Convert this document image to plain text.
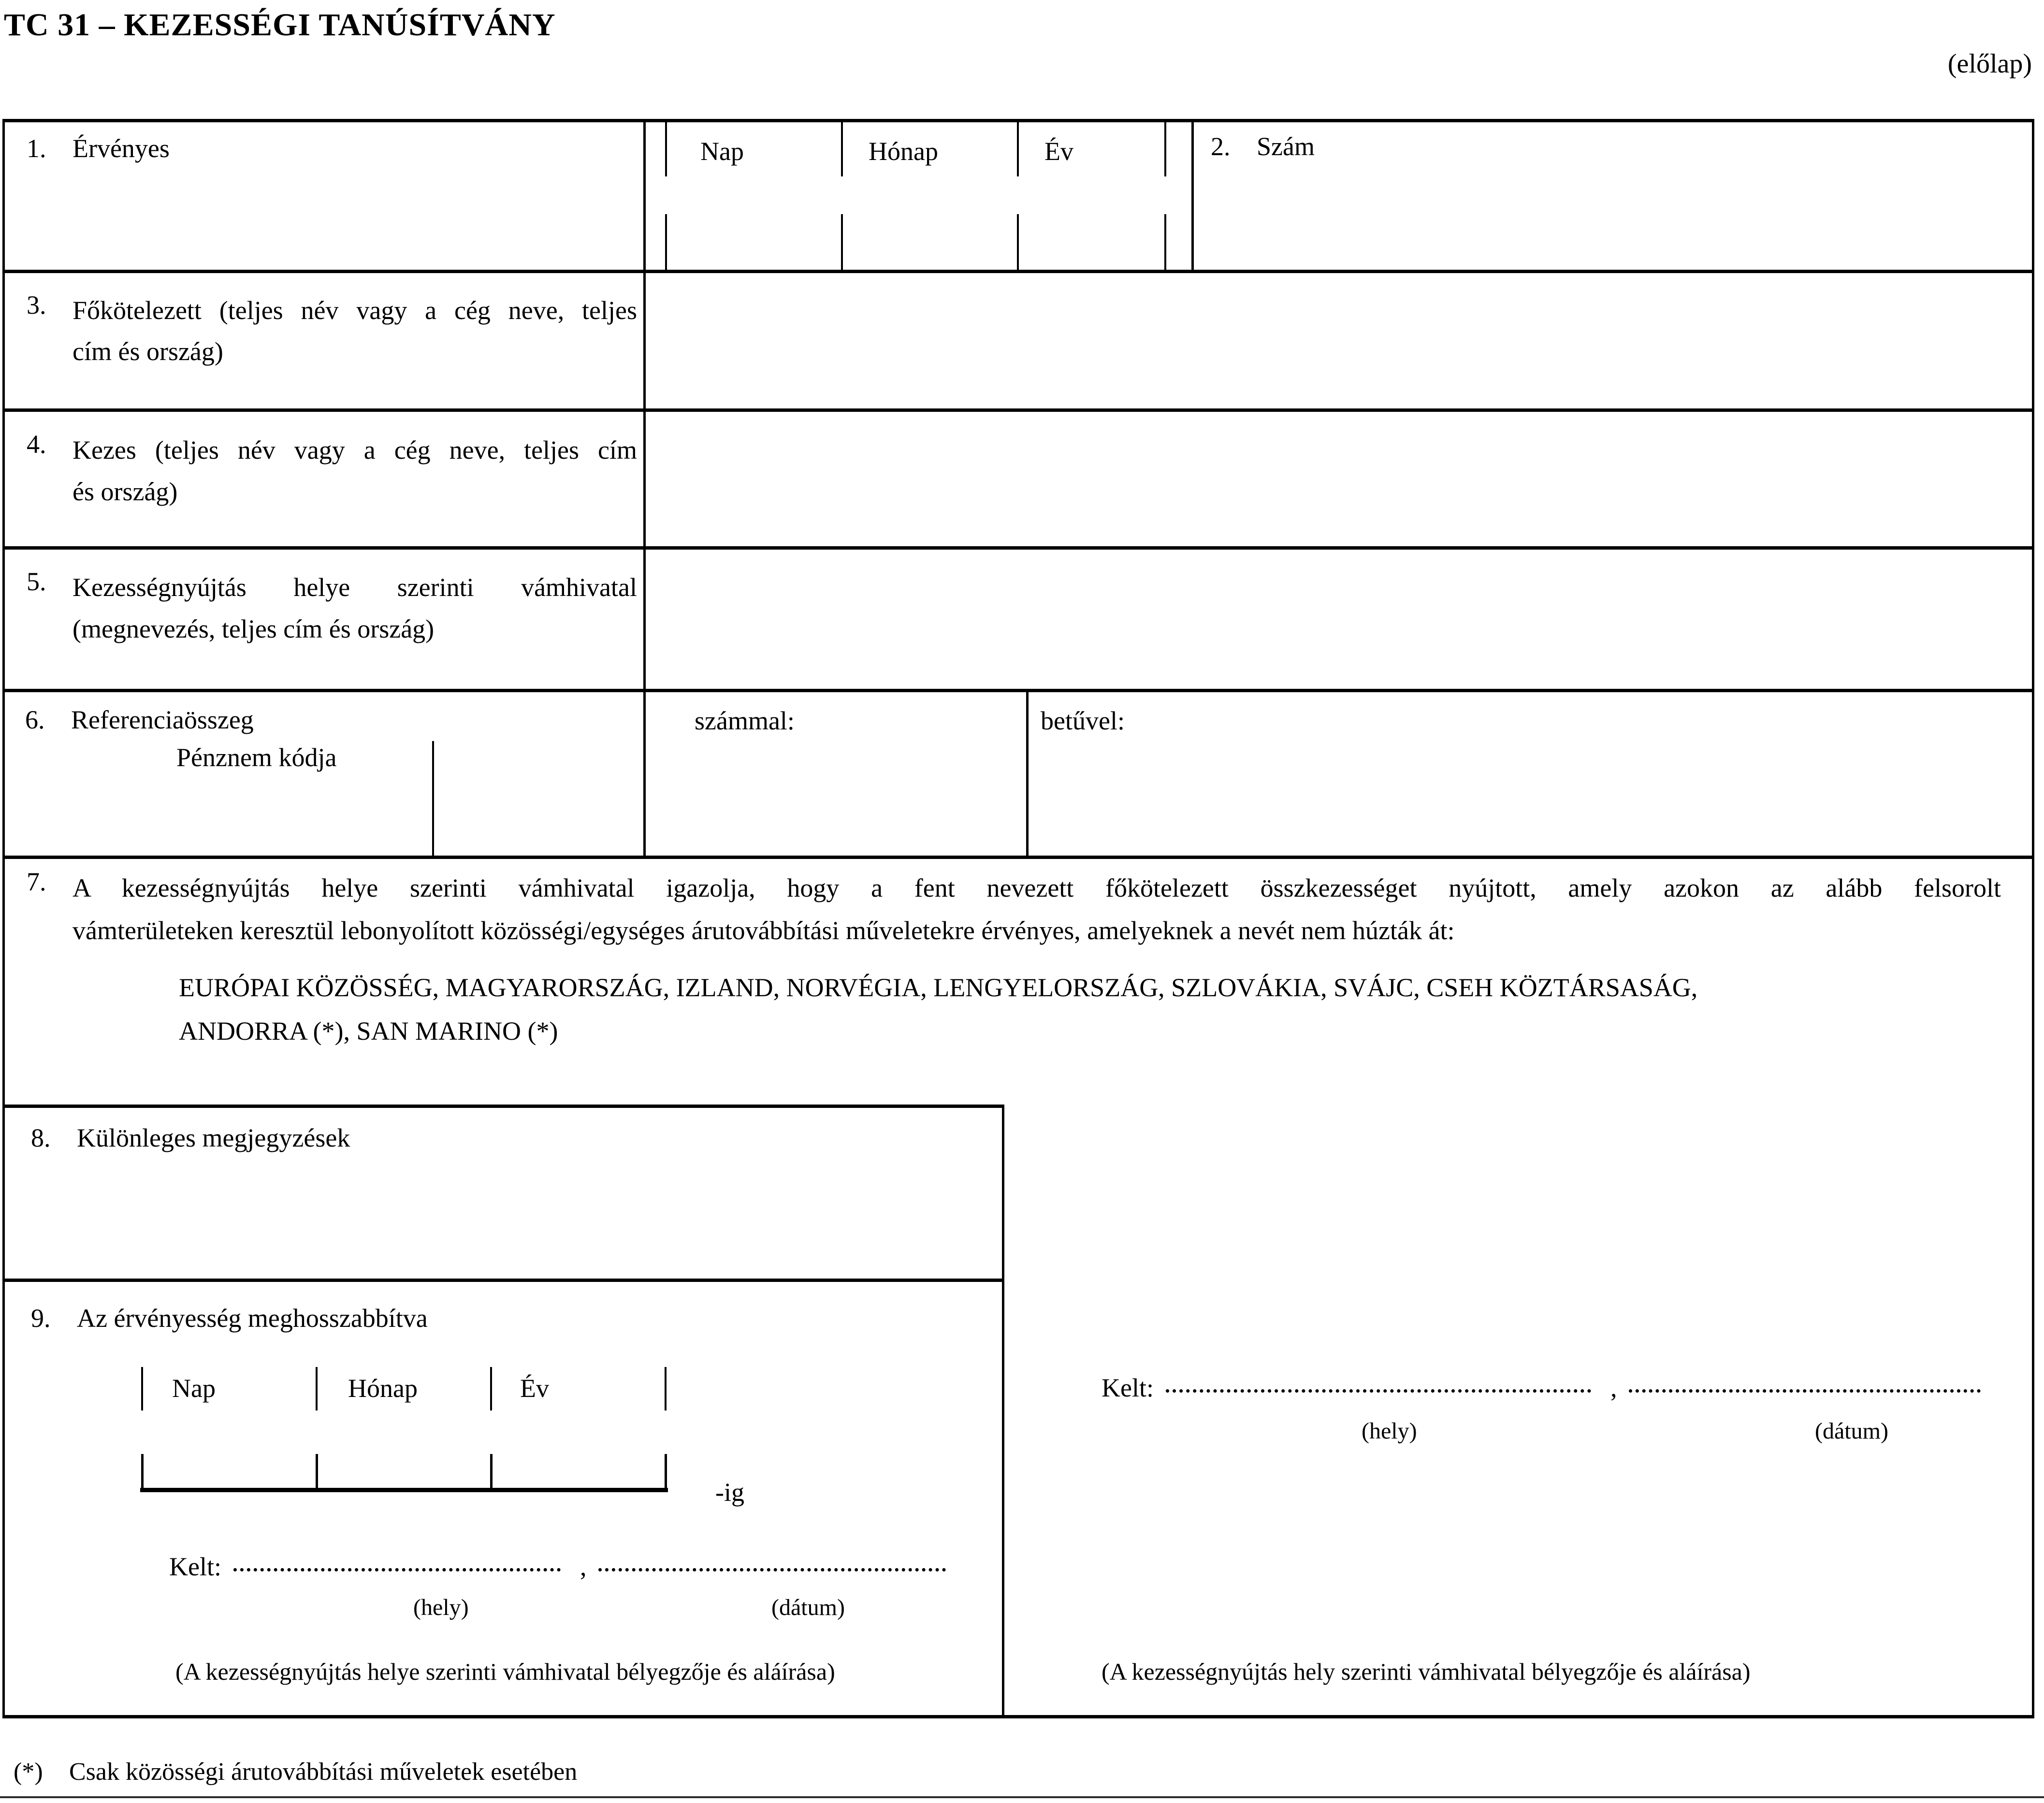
TC 31 – KEZESSÉGI TANÚSÍTVÁNY
(előlap)
1.	Érvényes	Nap	Hónap	Év	2.	Szám
3. Főkötelezett (teljes név vagy a cég neve, teljes
cím és ország)
4. Kezes (teljes név vagy a cég neve, teljes cím
és ország)
5. Kezességnyújtás helye szerinti vámhivatal
(megnevezés, teljes cím és ország)
6.	Referenciaösszeg
Pénznem kódja
számmal:	betűvel:
7. A kezességnyújtás helye szerinti vámhivatal igazolja, hogy a fent nevezett főkötelezett összkezességet nyújtott, amely azokon az alább felsorolt
vámterületeken keresztül lebonyolított közösségi/egységes árutovábbítási műveletekre érvényes, amelyeknek a nevét nem húzták át:
EURÓPAI KÖZÖSSÉG, MAGYARORSZÁG, IZLAND, NORVÉGIA, LENGYELORSZÁG, SZLOVÁKIA, SVÁJC, CSEH KÖZTÁRSASÁG,
ANDORRA (*), SAN MARINO (*)
8.	Különleges megjegyzések
9.	Az érvényesség meghosszabbítva
Nap	Hónap	Év
-ig
Kelt:	,
(hely)	(dátum)
(A kezességnyújtás helye szerinti vámhivatal bélyegzője és aláírása)
Kelt:	,
(hely)	(dátum)
(A kezességnyújtás hely szerinti vámhivatal bélyegzője és aláírása)
(*)	Csak közösségi árutovábbítási műveletek esetében
